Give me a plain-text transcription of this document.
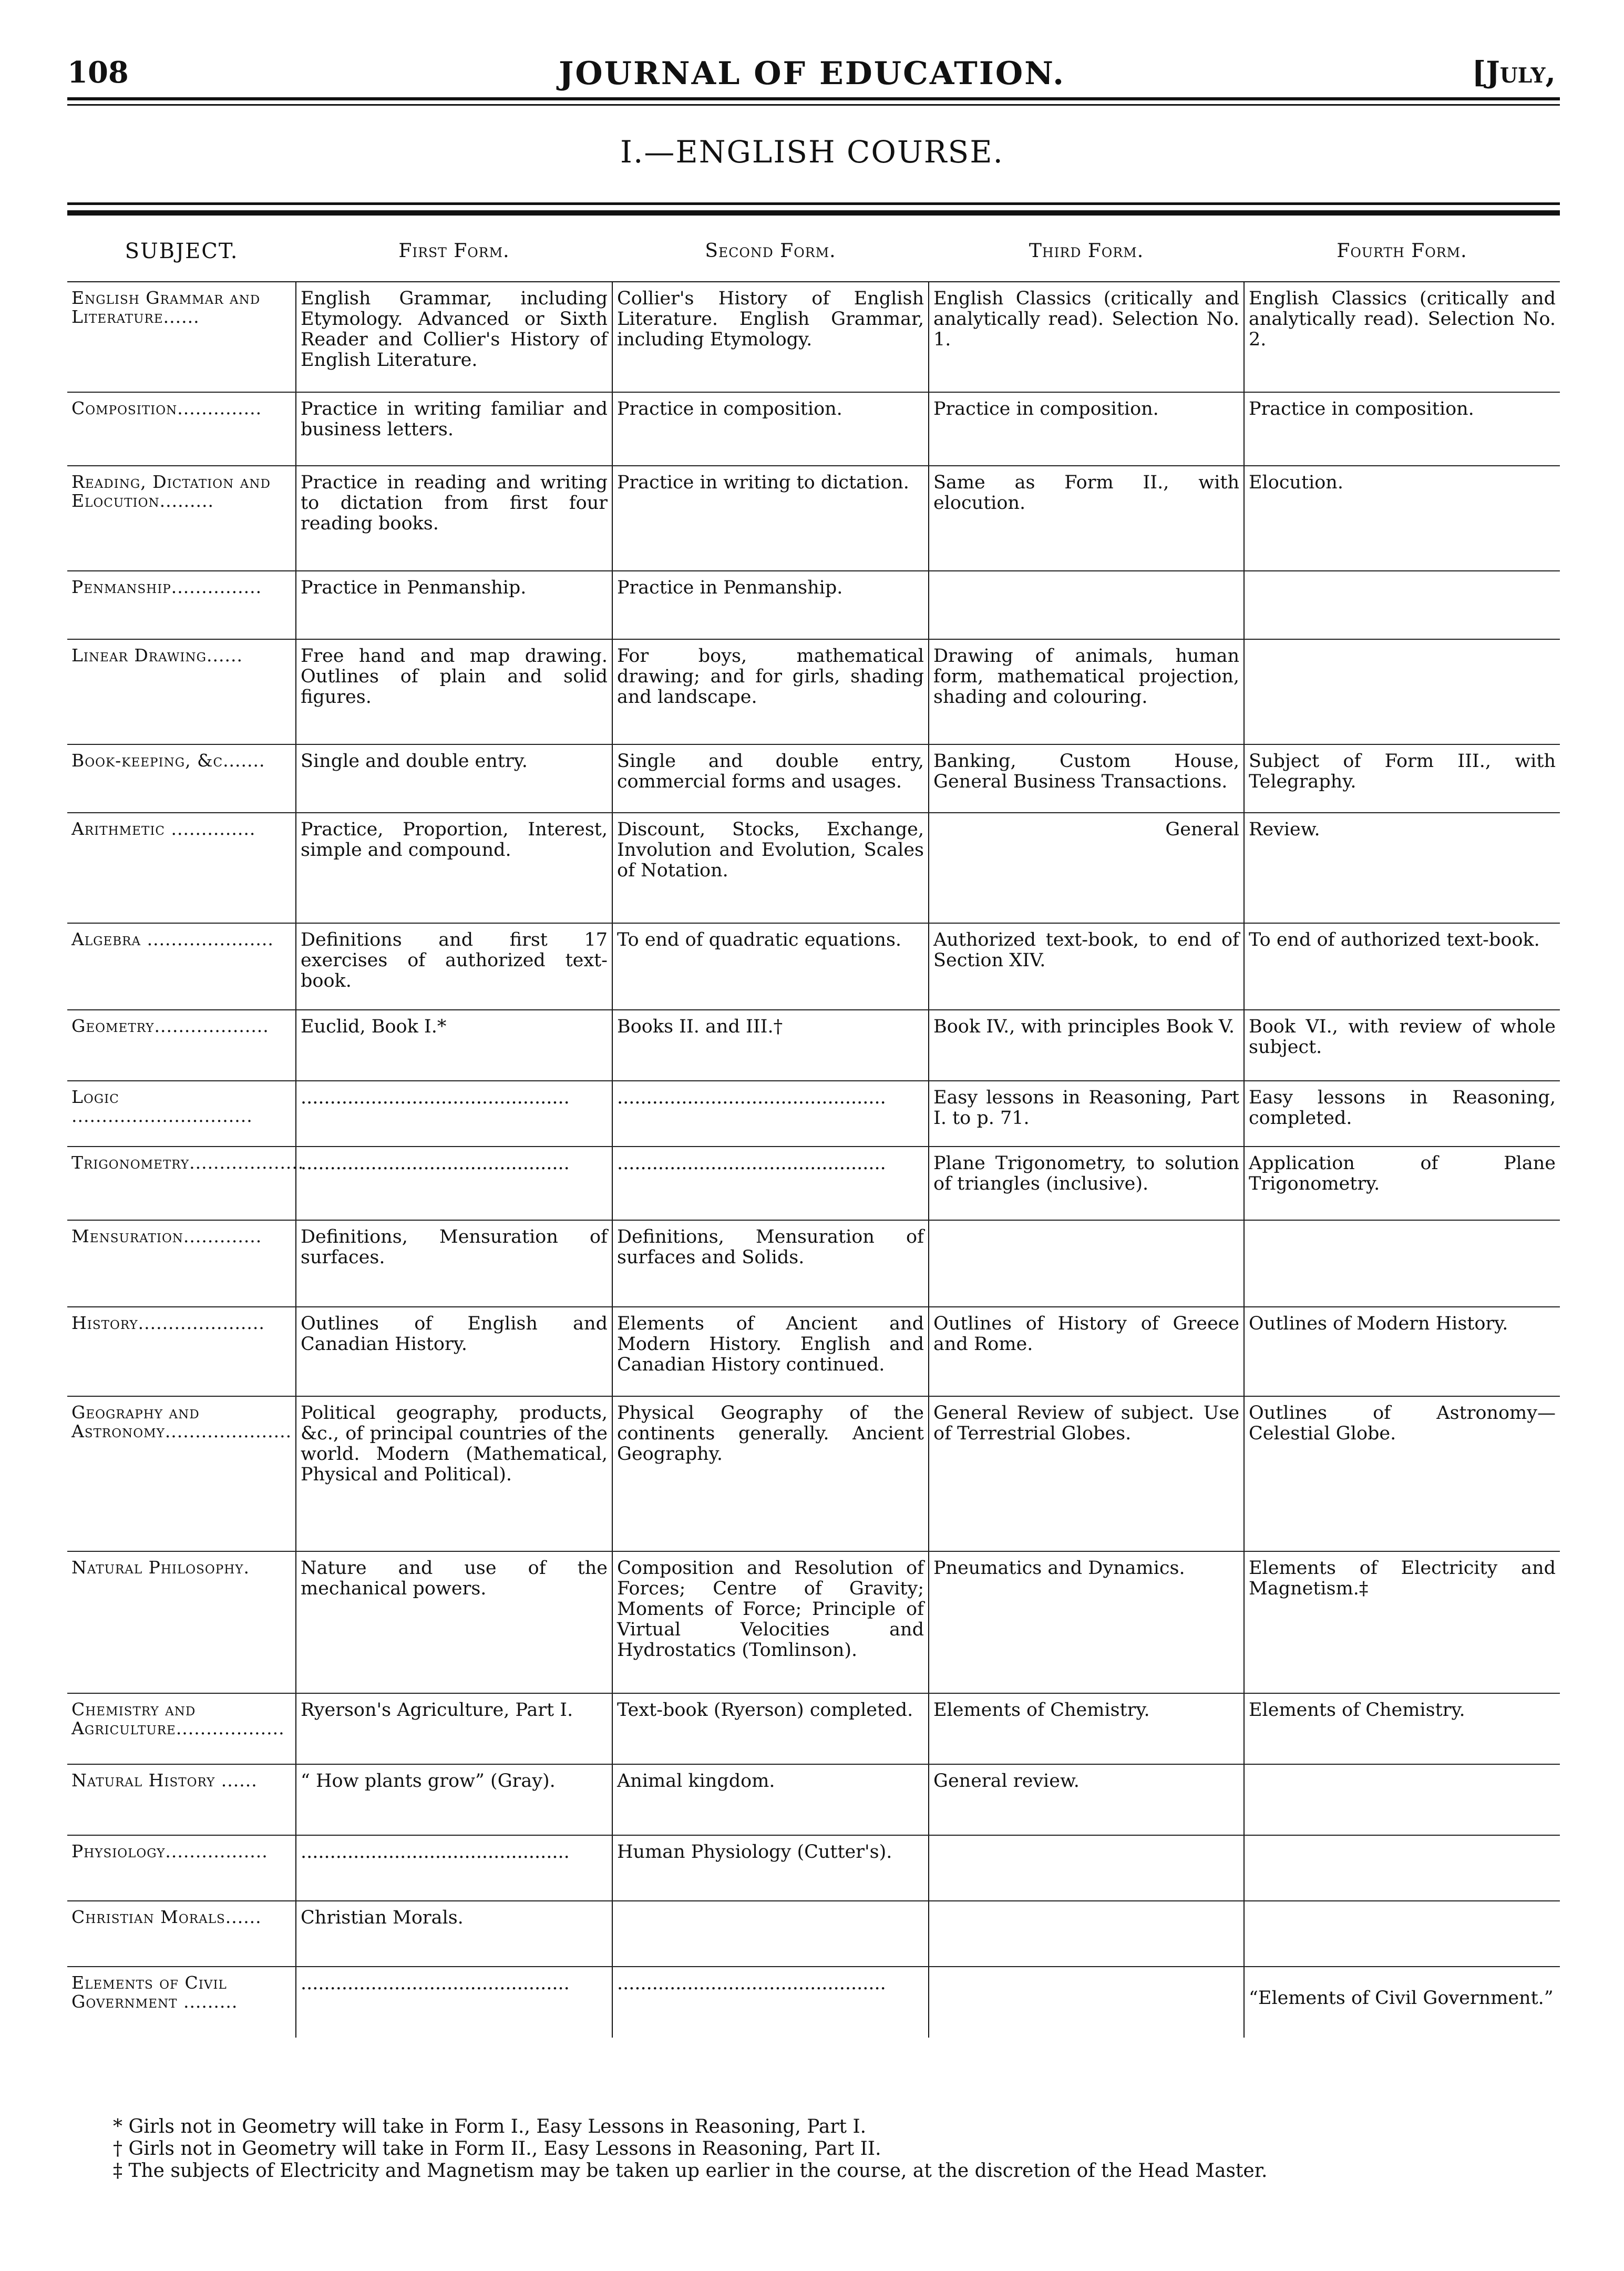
108	JOURNAL OF EDUCATION.	[July,
I.—ENGLISH COURSE.
SUBJECT.	First Form.	Second Form.	Third Form.	Fourth Form.
English Grammar and Literature......	English Grammar, including Etymology. Advanced or Sixth Reader and Collier's History of English Literature.	Collier's History of English Literature. English Grammar, including Etymology.	English Classics (critically and analytically read). Selection No. 1.	English Classics (critically and analytically read). Selection No. 2.
Composition..............	Practice in writing familiar and business letters.	Practice in composition.	Practice in composition.	Practice in composition.
Reading, Dictation and Elocution.........	Practice in reading and writing to dictation from first four reading books.	Practice in writing to dictation.	Same as Form II., with elocution.	Elocution.
Penmanship...............	Practice in Penmanship.	Practice in Penmanship.		
Linear Drawing......	Free hand and map drawing. Outlines of plain and solid figures.	For boys, mathematical drawing; and for girls, shading and landscape.	Drawing of animals, human form, mathematical projection, shading and colouring.	
Book-keeping, &c.......	Single and double entry.	Single and double entry, commercial forms and usages.	Banking, Custom House, General Business Transactions.	Subject of Form III., with Telegraphy.
Arithmetic ..............	Practice, Proportion, Interest, simple and compound.	Discount, Stocks, Exchange, Involution and Evolution, Scales of Notation.	General	Review.
Algebra .....................	Definitions and first 17 exercises of authorized text-book.	To end of quadratic equations.	Authorized text-book, to end of Section XIV.	To end of authorized text-book.
Geometry...................	Euclid, Book I.*	Books II. and III.†	Book IV., with principles Book V.	Book VI., with review of whole subject.
Logic ..............................	..............................................	..............................................	Easy lessons in Reasoning, Part I. to p. 71.	Easy lessons in Reasoning, completed.
Trigonometry...................	..............................................	..............................................	Plane Trigonometry, to solution of triangles (inclusive).	Application of Plane Trigonometry.
Mensuration.............	Definitions, Mensuration of surfaces.	Definitions, Mensuration of surfaces and Solids.		
History.....................	Outlines of English and Canadian History.	Elements of Ancient and Modern History. English and Canadian History continued.	Outlines of History of Greece and Rome.	Outlines of Modern History.
Geography and Astronomy.....................	Political geography, products, &c., of principal countries of the world. Modern (Mathematical, Physical and Political).	Physical Geography of the continents generally. Ancient Geography.	General Review of subject. Use of Terrestrial Globes.	Outlines of Astronomy—Celestial Globe.
Natural Philosophy.	Nature and use of the mechanical powers.	Composition and Resolution of Forces; Centre of Gravity; Moments of Force; Principle of Virtual Velocities and Hydrostatics (Tomlinson).	Pneumatics and Dynamics.	Elements of Electricity and Magnetism.‡
Chemistry and Agriculture..................	Ryerson's Agriculture, Part I.	Text-book (Ryerson) completed.	Elements of Chemistry.	Elements of Chemistry.
Natural History ......	“ How plants grow” (Gray).	Animal kingdom.	General review.	
Physiology.................	..............................................	Human Physiology (Cutter's).		
Christian Morals......	Christian Morals.			
Elements of Civil Government .........	..............................................	..............................................		“Elements of Civil Government.”
* Girls not in Geometry will take in Form I., Easy Lessons in Reasoning, Part I.
† Girls not in Geometry will take in Form II., Easy Lessons in Reasoning, Part II.
‡ The subjects of Electricity and Magnetism may be taken up earlier in the course, at the discretion of the Head Master.
